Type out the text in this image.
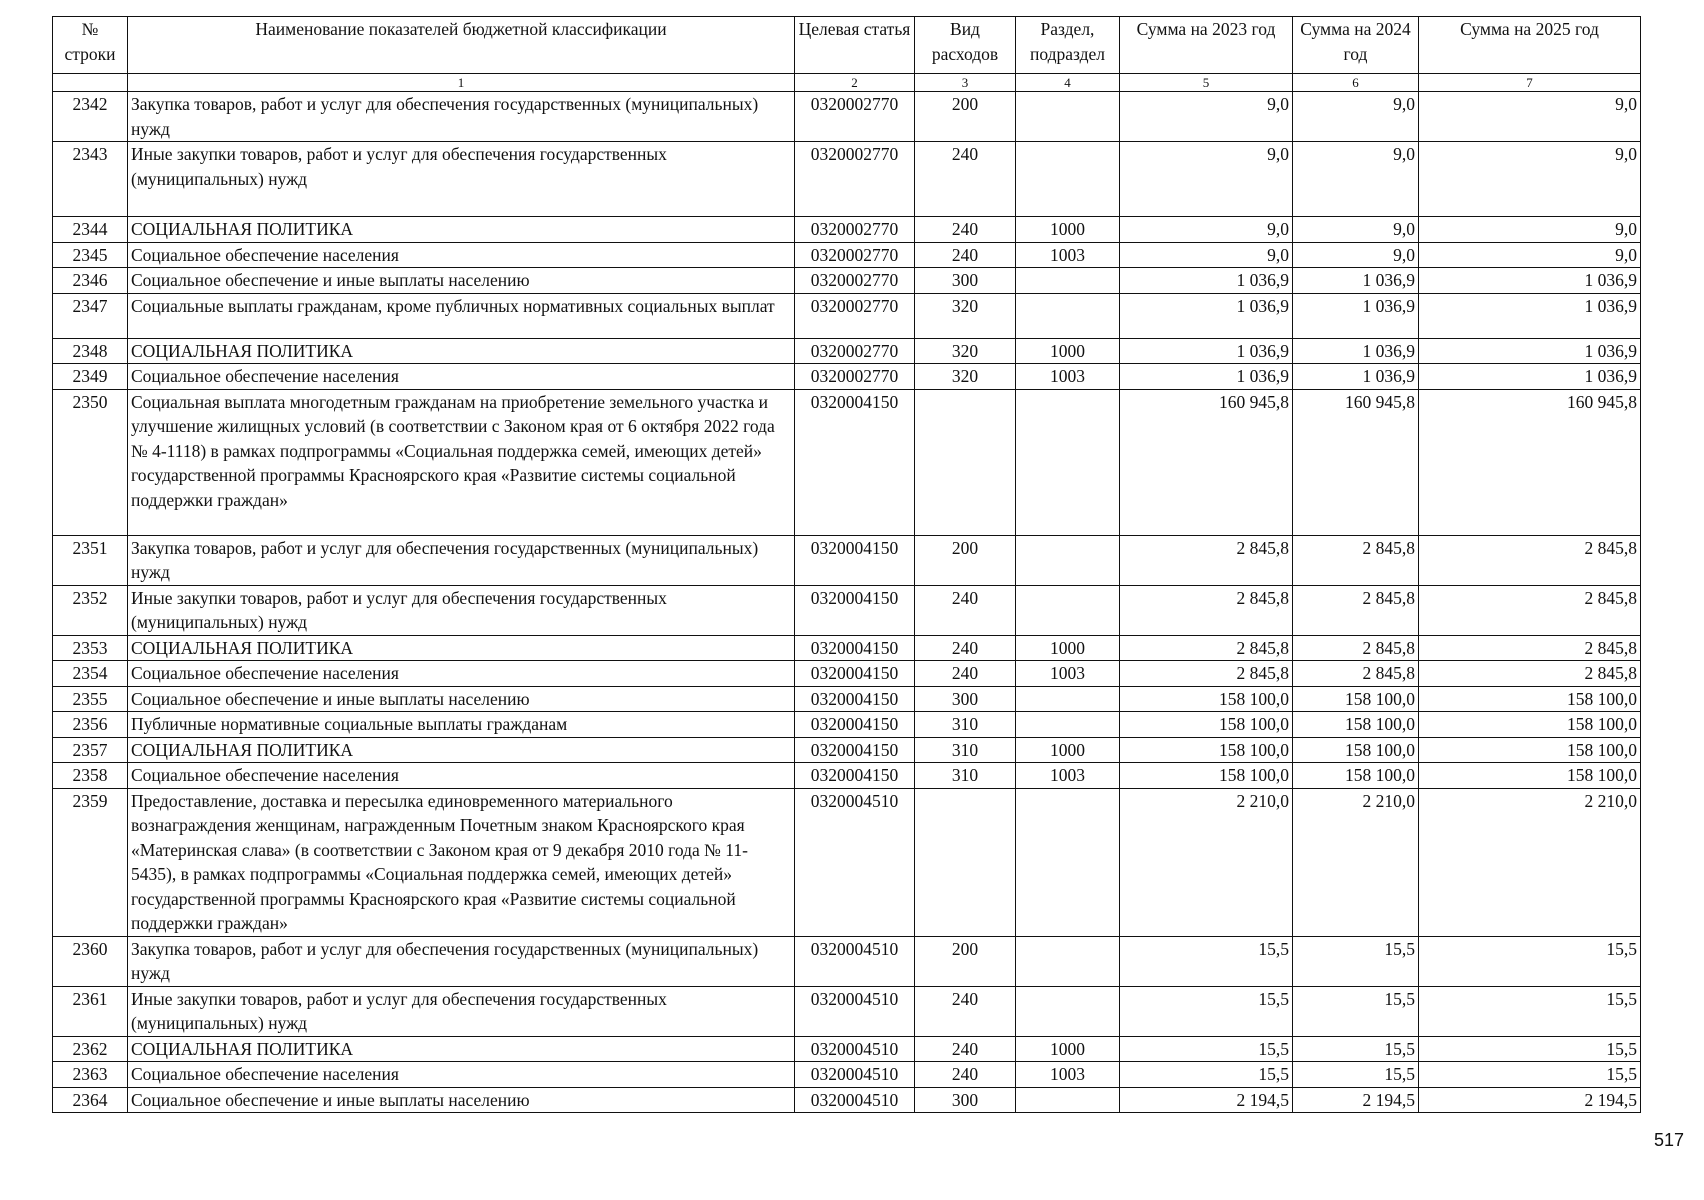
№ строки	Наименование показателей бюджетной классификации	Целевая статья	Вид расходов	Раздел, подраздел	Сумма на 2023 год	Сумма на 2024 год	Сумма на 2025 год
	1	2	3	4	5	6	7
2342	Закупка товаров, работ и услуг для обеспечения государственных (муниципальных) нужд	0320002770	200		9,0	9,0	9,0
2343	Иные закупки товаров, работ и услуг для обеспечения государственных (муниципальных) нужд	0320002770	240		9,0	9,0	9,0
2344	СОЦИАЛЬНАЯ ПОЛИТИКА	0320002770	240	1000	9,0	9,0	9,0
2345	Социальное обеспечение населения	0320002770	240	1003	9,0	9,0	9,0
2346	Социальное обеспечение и иные выплаты населению	0320002770	300		1 036,9	1 036,9	1 036,9
2347	Социальные выплаты гражданам, кроме публичных нормативных социальных выплат	0320002770	320		1 036,9	1 036,9	1 036,9
2348	СОЦИАЛЬНАЯ ПОЛИТИКА	0320002770	320	1000	1 036,9	1 036,9	1 036,9
2349	Социальное обеспечение населения	0320002770	320	1003	1 036,9	1 036,9	1 036,9
2350	Социальная выплата многодетным гражданам на приобретение земельного участка и улучшение жилищных условий (в соответствии с Законом края от 6 октября 2022 года № 4-1118) в рамках подпрограммы «Социальная поддержка семей, имеющих детей» государственной программы Красноярского края «Развитие системы социальной поддержки граждан»	0320004150			160 945,8	160 945,8	160 945,8
2351	Закупка товаров, работ и услуг для обеспечения государственных (муниципальных) нужд	0320004150	200		2 845,8	2 845,8	2 845,8
2352	Иные закупки товаров, работ и услуг для обеспечения государственных (муниципальных) нужд	0320004150	240		2 845,8	2 845,8	2 845,8
2353	СОЦИАЛЬНАЯ ПОЛИТИКА	0320004150	240	1000	2 845,8	2 845,8	2 845,8
2354	Социальное обеспечение населения	0320004150	240	1003	2 845,8	2 845,8	2 845,8
2355	Социальное обеспечение и иные выплаты населению	0320004150	300		158 100,0	158 100,0	158 100,0
2356	Публичные нормативные социальные выплаты гражданам	0320004150	310		158 100,0	158 100,0	158 100,0
2357	СОЦИАЛЬНАЯ ПОЛИТИКА	0320004150	310	1000	158 100,0	158 100,0	158 100,0
2358	Социальное обеспечение населения	0320004150	310	1003	158 100,0	158 100,0	158 100,0
2359	Предоставление, доставка и пересылка единовременного материального вознаграждения женщинам, награжденным Почетным знаком Красноярского края «Материнская слава» (в соответствии с Законом края от 9 декабря 2010 года № 11-5435), в рамках подпрограммы «Социальная поддержка семей, имеющих детей» государственной программы Красноярского края «Развитие системы социальной поддержки граждан»	0320004510			2 210,0	2 210,0	2 210,0
2360	Закупка товаров, работ и услуг для обеспечения государственных (муниципальных) нужд	0320004510	200		15,5	15,5	15,5
2361	Иные закупки товаров, работ и услуг для обеспечения государственных (муниципальных) нужд	0320004510	240		15,5	15,5	15,5
2362	СОЦИАЛЬНАЯ ПОЛИТИКА	0320004510	240	1000	15,5	15,5	15,5
2363	Социальное обеспечение населения	0320004510	240	1003	15,5	15,5	15,5
2364	Социальное обеспечение и иные выплаты населению	0320004510	300		2 194,5	2 194,5	2 194,5
517
